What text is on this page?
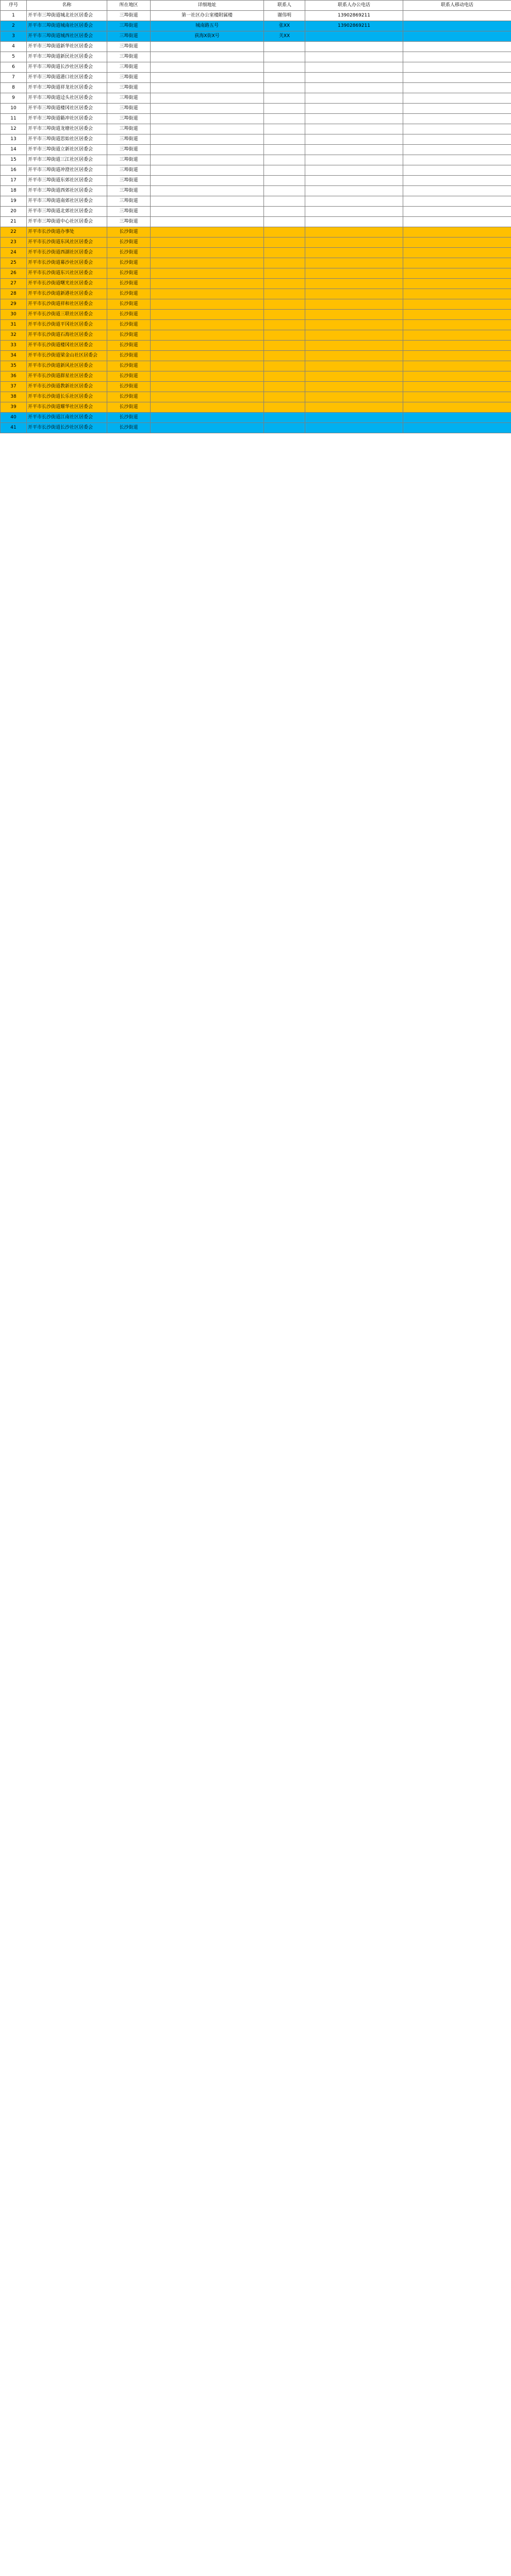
序号	名称	所在地区	详细地址	联系人	联系人办公电话	联系人移动电话
1	开平市三埠街道城北社区居委会	三埠街道	第一社区办公室楼附属楼	谢伟明	13902869211	
2	开平市三埠街道城南社区居委会	三埠街道	城南路五号	张XX	13902869211	
3	开平市三埠街道城西社区居委会	三埠街道	荻海X街X号	关XX		
4	开平市三埠街道新华社区居委会	三埠街道				
5	开平市三埠街道新民社区居委会	三埠街道				
6	开平市三埠街道长沙社区居委会	三埠街道				
7	开平市三埠街道港口社区居委会	三埠街道				
8	开平市三埠街道祥龙社区居委会	三埠街道				
9	开平市三埠街道迳头社区居委会	三埠街道				
10	开平市三埠街道楼冈社区居委会	三埠街道				
11	开平市三埠街道簕冲社区居委会	三埠街道				
12	开平市三埠街道龙塘社区居委会	三埠街道				
13	开平市三埠街道思始社区居委会	三埠街道				
14	开平市三埠街道立新社区居委会	三埠街道				
15	开平市三埠街道三江社区居委会	三埠街道				
16	开平市三埠街道冲澄社区居委会	三埠街道				
17	开平市三埠街道东郊社区居委会	三埠街道				
18	开平市三埠街道西郊社区居委会	三埠街道				
19	开平市三埠街道南郊社区居委会	三埠街道				
20	开平市三埠街道北郊社区居委会	三埠街道				
21	开平市三埠街道中心社区居委会	三埠街道				
22	开平市长沙街道办事处	长沙街道				
23	开平市长沙街道东风社区居委会	长沙街道				
24	开平市长沙街道西湖社区居委会	长沙街道				
25	开平市长沙街道幕沙社区居委会	长沙街道				
26	开平市长沙街道东兴社区居委会	长沙街道				
27	开平市长沙街道曙光社区居委会	长沙街道				
28	开平市长沙街道新港社区居委会	长沙街道				
29	开平市长沙街道祥和社区居委会	长沙街道				
30	开平市长沙街道三联社区居委会	长沙街道				
31	开平市长沙街道平冈社区居委会	长沙街道				
32	开平市长沙街道石海社区居委会	长沙街道				
33	开平市长沙街道楼冈社区居委会	长沙街道				
34	开平市长沙街道梁金山社区居委会	长沙街道				
35	开平市长沙街道新风社区居委会	长沙街道				
36	开平市长沙街道群星社区居委会	长沙街道				
37	开平市长沙街道教新社区居委会	长沙街道				
38	开平市长沙街道长乐社区居委会	长沙街道				
39	开平市长沙街道耀华社区居委会	长沙街道				
40	开平市长沙街道江南社区居委会	长沙街道				
41	开平市长沙街道长沙社区居委会	长沙街道				
